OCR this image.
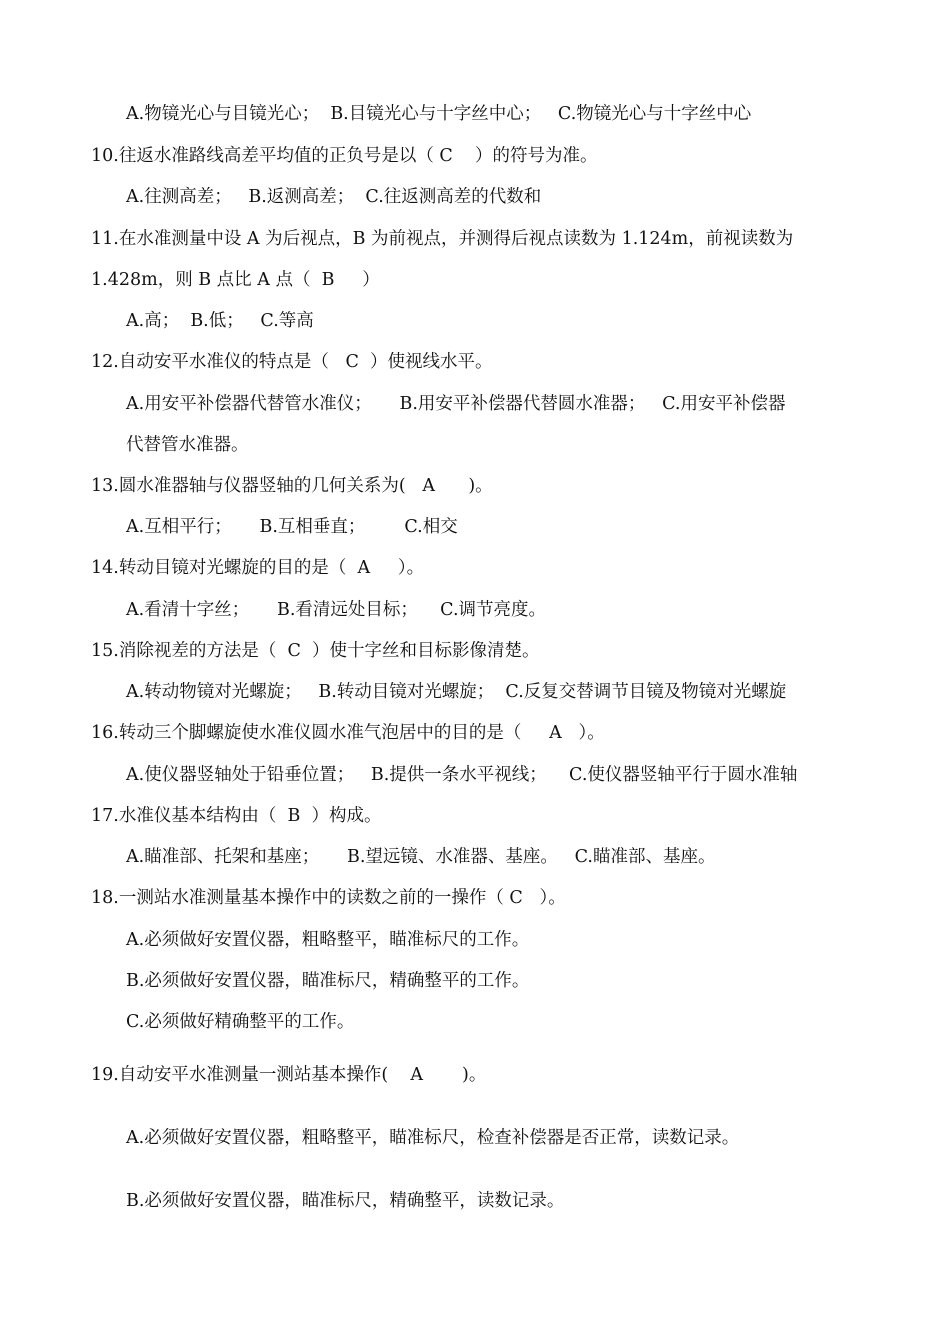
A.物镜光心与目镜光心；  B.目镜光心与十字丝中心；   C.物镜光心与十字丝中心
10.往返水准路线高差平均值的正负号是以（ C    ）的符号为准。
A.往测高差；   B.返测高差；  C.往返测高差的代数和
11.在水准测量中设 A 为后视点，B 为前视点，并测得后视点读数为 1.124m，前视读数为
1.428m，则 B 点比 A 点（  B     ）
A.高；  B.低；   C.等高
12.自动安平水准仪的特点是（   C  ）使视线水平。
A.用安平补偿器代替管水准仪；     B.用安平补偿器代替圆水准器；   C.用安平补偿器
代替管水准器。
13.圆水准器轴与仪器竖轴的几何关系为(   A      )。
A.互相平行；     B.互相垂直；       C.相交
14.转动目镜对光螺旋的目的是（  A     ）。
A.看清十字丝；     B.看清远处目标；    C.调节亮度。
15.消除视差的方法是（  C  ）使十字丝和目标影像清楚。
A.转动物镜对光螺旋；   B.转动目镜对光螺旋；  C.反复交替调节目镜及物镜对光螺旋
16.转动三个脚螺旋使水准仪圆水准气泡居中的目的是（     A   ）。
A.使仪器竖轴处于铅垂位置；   B.提供一条水平视线；    C.使仪器竖轴平行于圆水准轴
17.水准仪基本结构由（  B  ）构成。
A.瞄准部、托架和基座；     B.望远镜、水准器、基座。   C.瞄准部、基座。
18.一测站水准测量基本操作中的读数之前的一操作（ C   ）。
A.必须做好安置仪器，粗略整平，瞄准标尺的工作。
B.必须做好安置仪器，瞄准标尺，精确整平的工作。
C.必须做好精确整平的工作。
19.自动安平水准测量一测站基本操作(    A       )。
A.必须做好安置仪器，粗略整平，瞄准标尺，检查补偿器是否正常，读数记录。
B.必须做好安置仪器，瞄准标尺，精确整平，读数记录。
